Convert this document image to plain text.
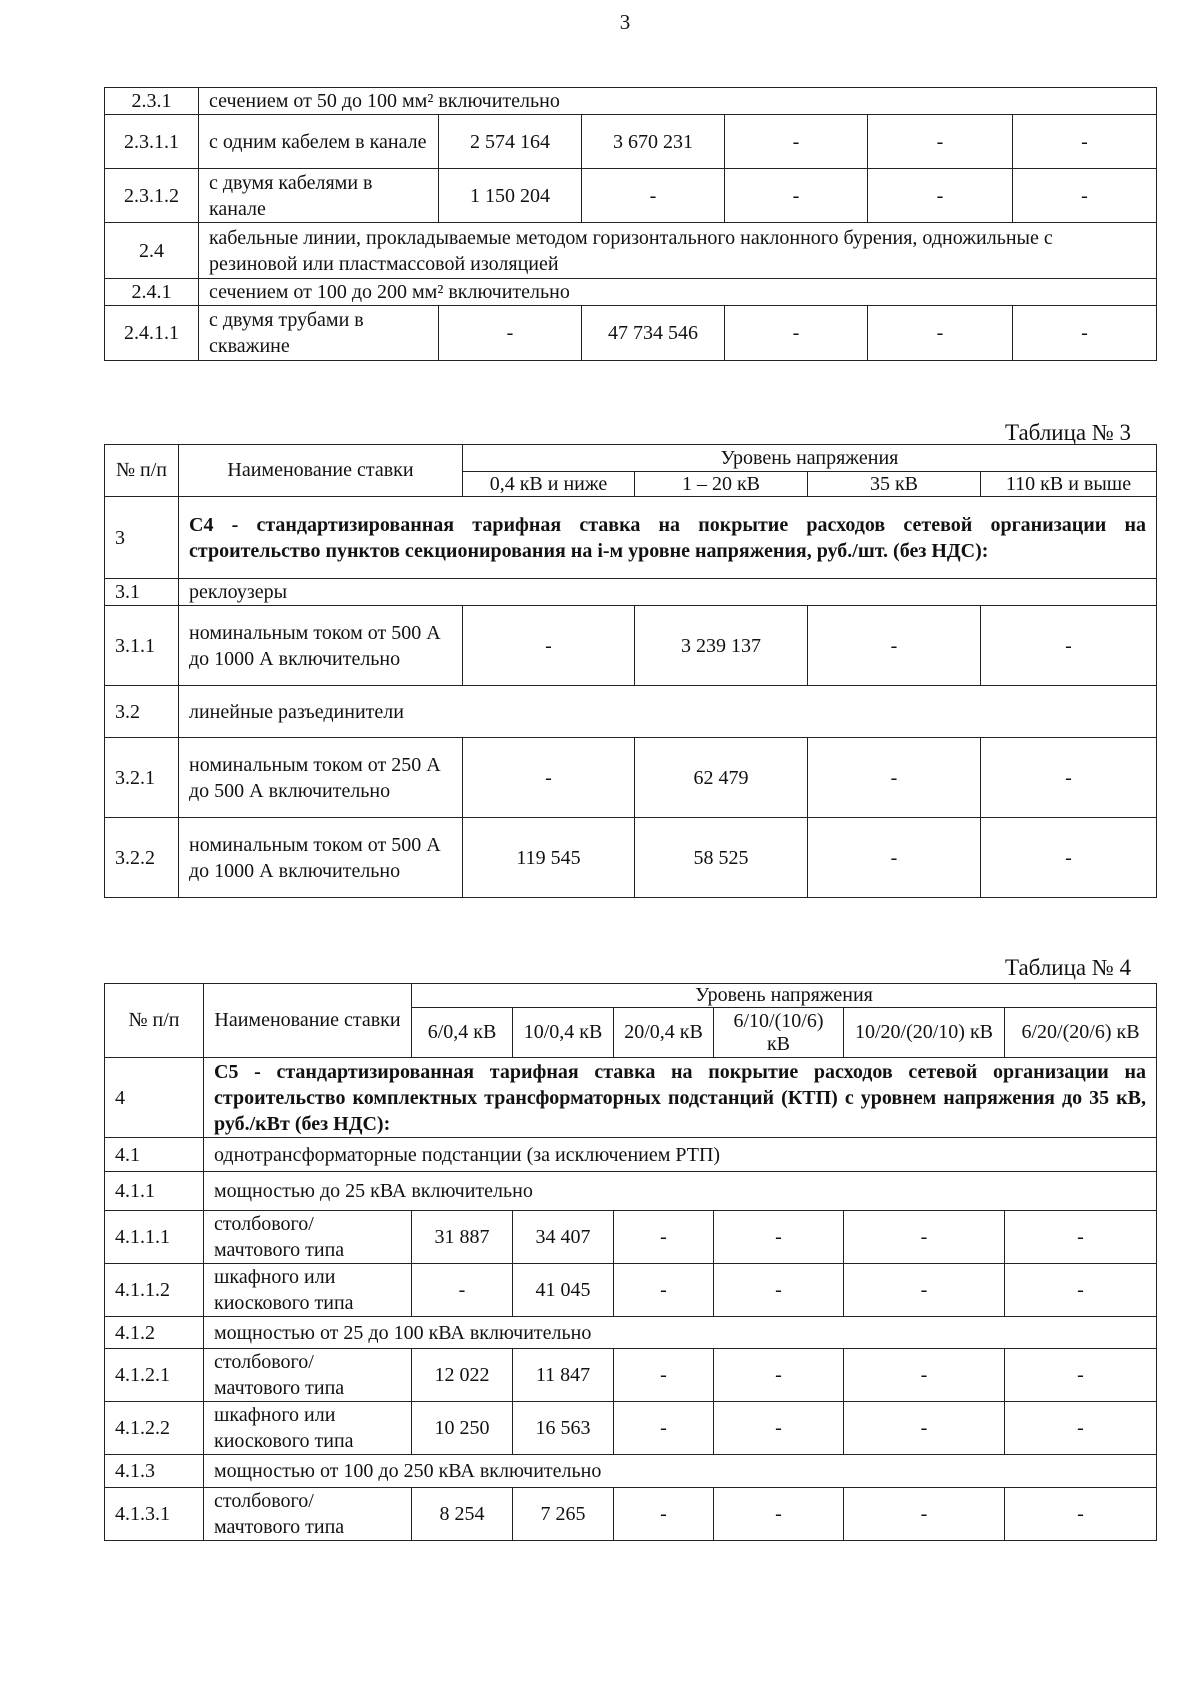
3
2.3.1	сечением от 50 до 100 мм² включительно					
2.3.1.1	с одним кабелем в канале	2 574 164	3 670 231	-	-	-
2.3.1.2	с двумя кабелями в канале	1 150 204	-	-	-	-
2.4	кабельные линии, прокладываемые методом горизонтального наклонного бурения, одножильные с резиновой или пластмассовой изоляцией					
2.4.1	сечением от 100 до 200 мм² включительно					
2.4.1.1	с двумя трубами в скважине	-	47 734 546	-	-	-
Таблица № 3
№ п/п	Наименование ставки	Уровень напряжения			
		0,4 кВ и ниже	1 – 20 кВ	35 кВ	110 кВ и выше
3	С4 - стандартизированная тарифная ставка на покрытие расходов сетевой организации на строительство пунктов секционирования на i-м уровне напряжения, руб./шт. (без НДС):				
3.1	реклоузеры				
3.1.1	номинальным током от 500 А до 1000 А включительно	-	3 239 137	-	-
3.2	линейные разъединители				
3.2.1	номинальным током от 250 А до 500 А включительно	-	62 479	-	-
3.2.2	номинальным током от 500 А до 1000 А включительно	119 545	58 525	-	-
Таблица № 4
№ п/п	Наименование ставки	Уровень напряжения					
		6/0,4 кВ	10/0,4 кВ	20/0,4 кВ	6/10/(10/6) кВ	10/20/(20/10) кВ	6/20/(20/6) кВ
4	С5 - стандартизированная тарифная ставка на покрытие расходов сетевой организации на строительство комплектных трансформаторных подстанций (КТП) с уровнем напряжения до 35 кВ, руб./кВт (без НДС):						
4.1	однотрансформаторные подстанции (за исключением РТП)						
4.1.1	мощностью до 25 кВА включительно						
4.1.1.1	столбового/ мачтового типа	31 887	34 407	-	-	-	-
4.1.1.2	шкафного или киоскового типа	-	41 045	-	-	-	-
4.1.2	мощностью от 25 до 100 кВА включительно						
4.1.2.1	столбового/ мачтового типа	12 022	11 847	-	-	-	-
4.1.2.2	шкафного или киоскового типа	10 250	16 563	-	-	-	-
4.1.3	мощностью от 100 до 250 кВА включительно						
4.1.3.1	столбового/ мачтового типа	8 254	7 265	-	-	-	-
